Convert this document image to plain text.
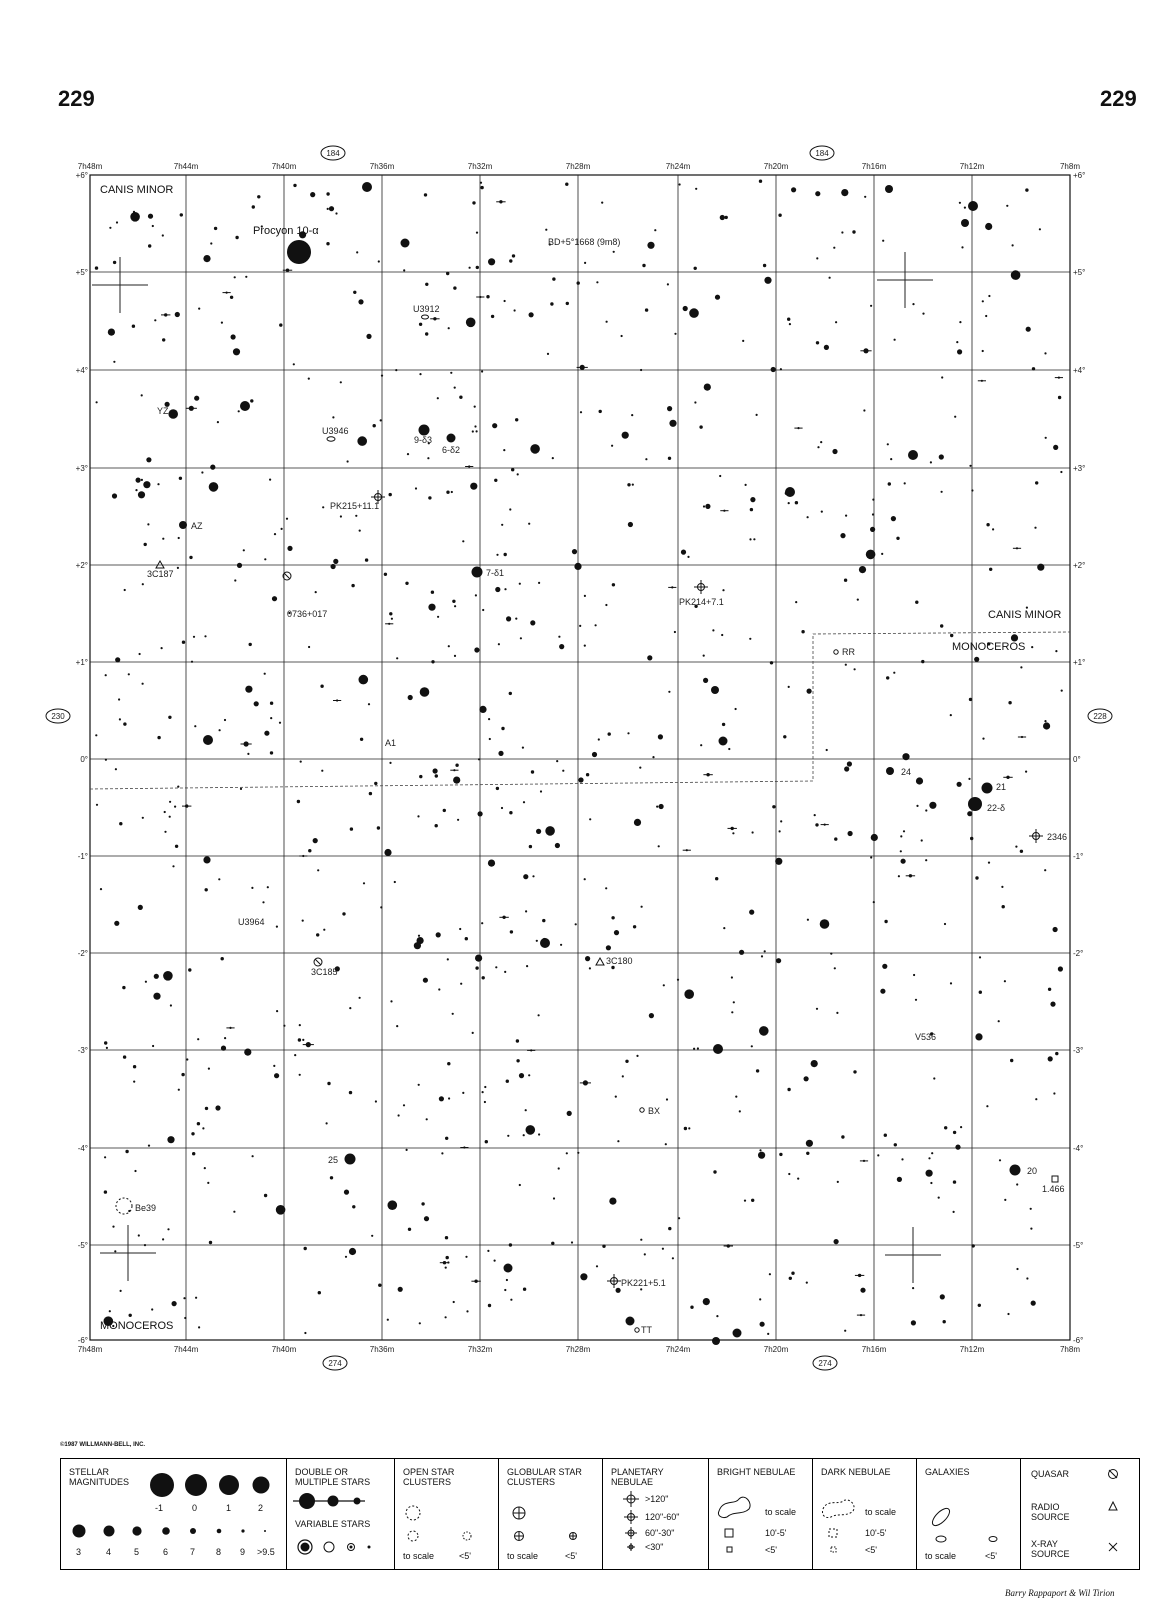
229	229
7h48m
7h48m
7h44m
7h44m
7h40m
7h40m
7h36m
7h36m
7h32m
7h32m
7h28m
7h28m
7h24m
7h24m
7h20m
7h20m
7h16m
7h16m
7h12m
7h12m
7h8m
7h8m
+6°	+6°
+5°	+5°
+4°	+4°
+3°	+3°
+2°	+2°
+1°	+1°
0°	0°
-1°	-1°
-2°	-2°
-3°	-3°
-4°	-4°
-5°	-5°
-6°	-6°
184	184
274	274
230	228
CANIS MINOR
CANIS MINOR
MONOCEROS
MONOCEROS
Procyon 10-α
BD+5°1668 (9m8)
U3912
YZ
U3946
9-δ3
6-δ2
PK215+11.1
AZ
3C187	7-δ1
PK214+7.1
0736+017
RR
A1
24
21
22-δ
2346
U3964
3C185
3C180
V536
BX
25
20
1.466
Be39
PK221+5.1
TT
©1987 WILLMANN-BELL, INC.
STELLAR MAGNITUDES
-1	0	1	2
3	4	5	6 7 8 9 >9.5
DOUBLE OR MULTIPLE STARS
VARIABLE STARS
OPEN STAR CLUSTERS
to scale	<5'
GLOBULAR STAR CLUSTERS
to scale	<5'
PLANETARY NEBULAE
>120"
120"-60"
60"-30"
<30"
BRIGHT NEBULAE
to scale
10'-5'
<5'
DARK NEBULAE
to scale
10'-5'
<5'
GALAXIES
to scale	<5'
QUASAR
RADIO SOURCE
X-RAY SOURCE
Barry Rappaport & Wil Tirion
